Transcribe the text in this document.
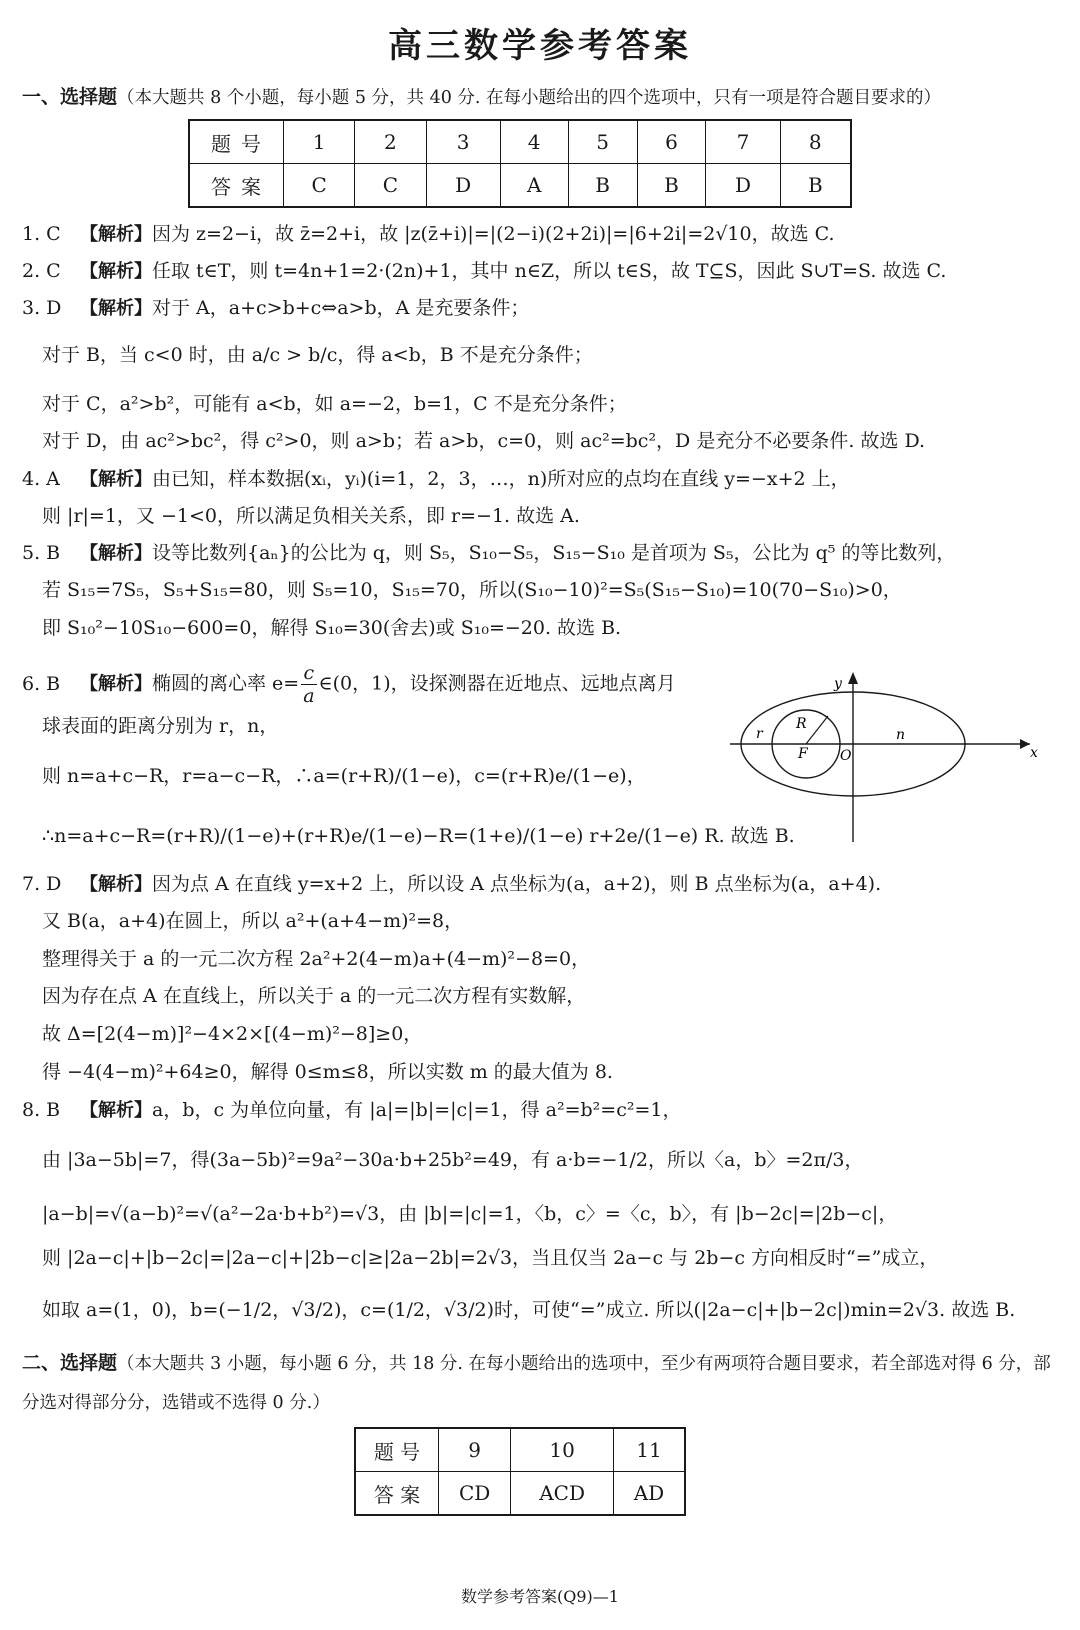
高三数学参考答案
一、选择题（本大题共 8 个小题，每小题 5 分，共 40 分. 在每小题给出的四个选项中，只有一项是符合题目要求的）
题号	1	2	3	4	5	6	7	8
答案	C	C	D	A	B	B	D	B
1. C 【解析】因为 z=2−i，故 z̄=2+i，故 |z(z̄+i)|=|(2−i)(2+2i)|=|6+2i|=2√10，故选 C.
2. C 【解析】任取 t∈T，则 t=4n+1=2·(2n)+1，其中 n∈Z，所以 t∈S，故 T⊆S，因此 S∪T=S. 故选 C.
3. D 【解析】对于 A，a+c>b+c⇔a>b，A 是充要条件；
对于 B，当 c<0 时，由 a/c > b/c，得 a<b，B 不是充分条件；
对于 C，a²>b²，可能有 a<b，如 a=−2，b=1，C 不是充分条件；
对于 D，由 ac²>bc²，得 c²>0，则 a>b；若 a>b，c=0，则 ac²=bc²，D 是充分不必要条件. 故选 D.
4. A 【解析】由已知，样本数据(xᵢ，yᵢ)(i=1，2，3，…，n)所对应的点均在直线 y=−x+2 上，
则 |r|=1，又 −1<0，所以满足负相关关系，即 r=−1. 故选 A.
5. B 【解析】设等比数列{aₙ}的公比为 q，则 S₅，S₁₀−S₅，S₁₅−S₁₀ 是首项为 S₅，公比为 q⁵ 的等比数列，
若 S₁₅=7S₅，S₅+S₁₅=80，则 S₅=10，S₁₅=70，所以(S₁₀−10)²=S₅(S₁₅−S₁₀)=10(70−S₁₀)>0，
即 S₁₀²−10S₁₀−600=0，解得 S₁₀=30(舍去)或 S₁₀=−20. 故选 B.
6. B 【解析】椭圆的离心率 $e= \frac{c}{a}$ ∈(0，1)，设探测器在近地点、远地点离月
球表面的距离分别为 r，n，
则 n=a+c−R，r=a−c−R，∴a=(r+R)/(1−e)，c=(r+R)e/(1−e)，
∴n=a+c−R=(r+R)/(1−e)+(r+R)e/(1−e)−R=(1+e)/(1−e) r+2e/(1−e) R. 故选 B.
x
y
O
r
R
F
n
7. D 【解析】因为点 A 在直线 y=x+2 上，所以设 A 点坐标为(a，a+2)，则 B 点坐标为(a，a+4).
又 B(a，a+4)在圆上，所以 a²+(a+4−m)²=8，
整理得关于 a 的一元二次方程 2a²+2(4−m)a+(4−m)²−8=0，
因为存在点 A 在直线上，所以关于 a 的一元二次方程有实数解，
故 Δ=[2(4−m)]²−4×2×[(4−m)²−8]≥0，
得 −4(4−m)²+64≥0，解得 0≤m≤8，所以实数 m 的最大值为 8.
8. B 【解析】a，b，c 为单位向量，有 |a|=|b|=|c|=1，得 a²=b²=c²=1，
由 |3a−5b|=7，得(3a−5b)²=9a²−30a·b+25b²=49，有 a·b=−1/2，所以〈a，b〉=2π/3，
|a−b|=√(a−b)²=√(a²−2a·b+b²)=√3，由 |b|=|c|=1，〈b，c〉=〈c，b〉，有 |b−2c|=|2b−c|，
则 |2a−c|+|b−2c|=|2a−c|+|2b−c|≥|2a−2b|=2√3，当且仅当 2a−c 与 2b−c 方向相反时“=”成立，
如取 a=(1，0)，b=(−1/2，√3/2)，c=(1/2，√3/2)时，可使“=”成立. 所以(|2a−c|+|b−2c|)min=2√3. 故选 B.
二、选择题（本大题共 3 小题，每小题 6 分，共 18 分. 在每小题给出的选项中，至少有两项符合题目要求，若全部选对得 6 分，部分选对得部分分，选错或不选得 0 分.）
题 号	9	10	11
答 案	CD	ACD	AD
数学参考答案(Q9)—1
